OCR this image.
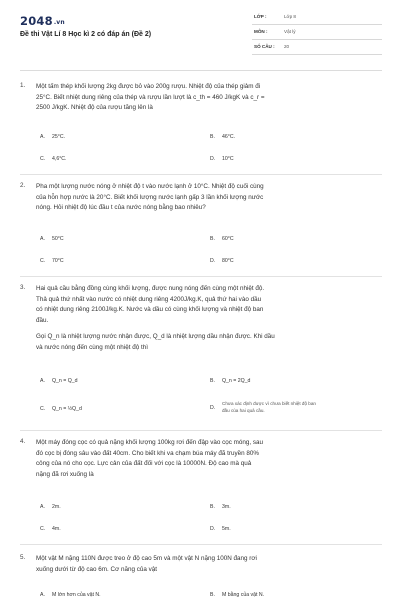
2048.vn
Đề thi Vật Lí 8 Học kì 2 có đáp án (Đề 2)
LỚP :	Lớp 8
MÔN :	Vật lý
SỐ CÂU : 20
1. Một tấm thép khối lượng 2kg được bỏ vào 200g rượu. Nhiệt độ của thép giảm đi
25°C. Biết nhiệt dung riêng của thép và rượu lần lượt là c_th = 460 J/kgK và c_r =
2500 J/kgK. Nhiệt độ của rượu tăng lên là
A. 25°C.	B. 46°C.
C. 4,6°C.	D. 10°C
2. Pha một lượng nước nóng ở nhiệt độ t vào nước lạnh ở 10°C. Nhiệt độ cuối cùng
của hỗn hợp nước là 20°C. Biết khối lượng nước lạnh gấp 3 lần khối lượng nước
nóng. Hỏi nhiệt độ lúc đầu t của nước nóng bằng bao nhiêu?
A. 50°C	B. 60°C
C. 70°C	D. 80°C
3. Hai quả cầu bằng đồng cùng khối lượng, được nung nóng đến cùng một nhiệt độ.
Thả quả thứ nhất vào nước có nhiệt dung riêng 4200J/kg.K, quả thứ hai vào dầu
có nhiệt dung riêng 2100J/kg.K. Nước và dầu có cùng khối lượng và nhiệt độ ban
đầu.
Gọi Q_n là nhiệt lượng nước nhận được, Q_d là nhiệt lượng dầu nhận được. Khi dầu
và nước nóng đến cùng một nhiệt độ thì
A. Q_n = Q_d	B. Q_n = 2Q_d
C. Q_n = ½Q_d	D.Chưa xác định được vì chưa biết nhiệt độ ban đầu của hai quả cầu.
4. Một máy đóng cọc có quả nặng khối lượng 100kg rơi đến đập vào cọc móng, sau
đó cọc bị đóng sâu vào đất 40cm. Cho biết khi va chạm búa máy đã truyền 80%
công của nó cho cọc. Lực cản của đất đối với cọc là 10000N. Độ cao mà quả
nặng đã rơi xuống là
A. 2m.	B. 3m.
C. 4m.	D. 5m.
5. Một vật M nặng 110N được treo ở độ cao 5m và một vật N nặng 100N đang rơi
xuống dưới từ độ cao 6m. Cơ năng của vật
A. M lớn hơn của vật N.	B. M bằng của vật N.
